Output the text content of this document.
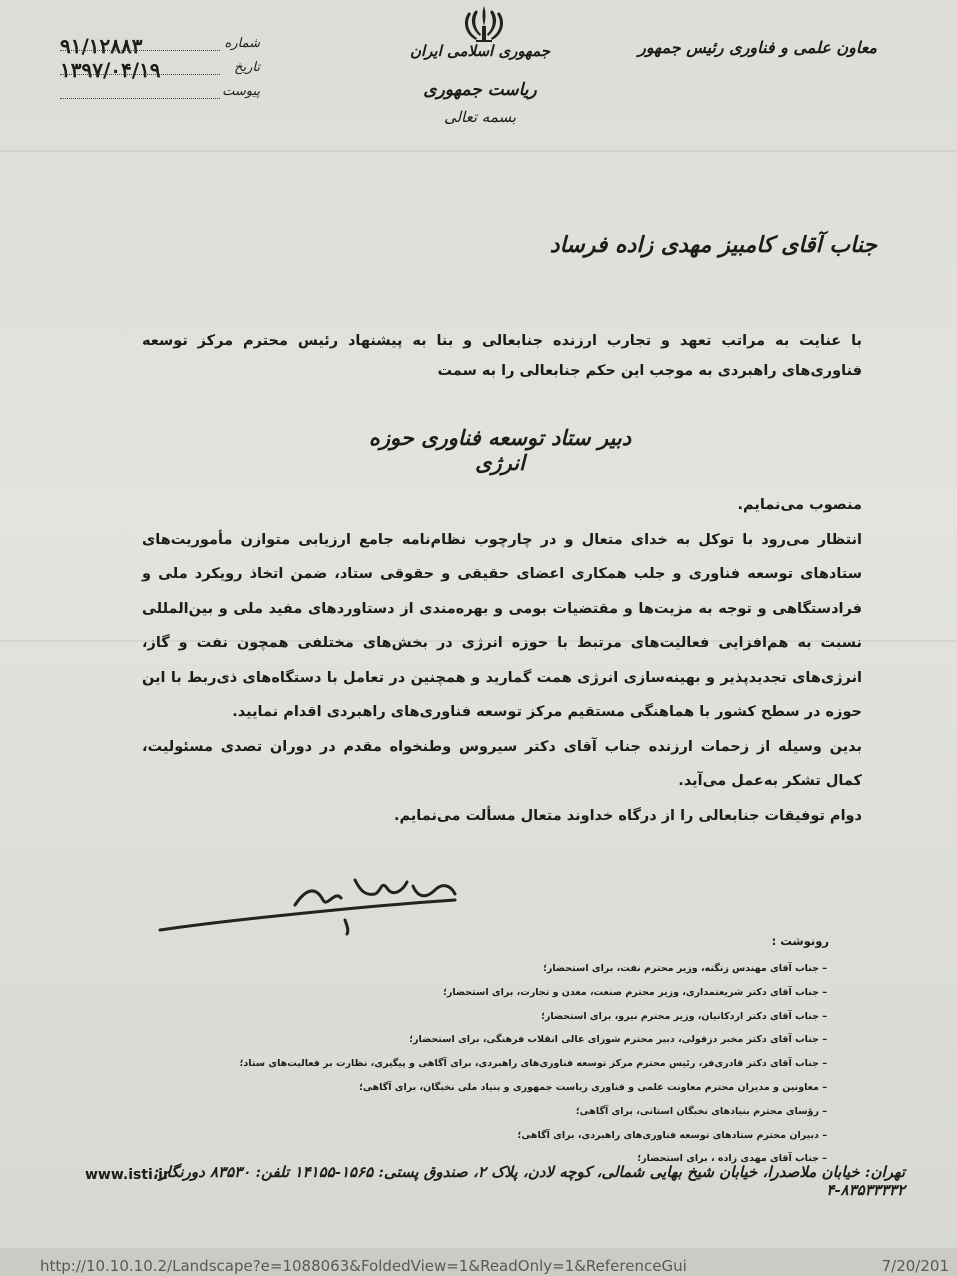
۹۱/۱۲۸۸۳	شماره
۱۳۹۷/۰۴/۱۹	تاریخ
پیوست
جمهوری اسلامی ایران
ریاست جمهوری
بسمه تعالی
معاون علمی و فناوری رئیس جمهور
جناب آقای کامبیز مهدی زاده فرساد
با عنایت به مراتب تعهد و تجارب ارزنده جنابعالی و بنا به پیشنهاد رئیس محترم مرکز توسعه فناوری‌های راهبردی به موجب این حکم جنابعالی را به سمت
دبیر ستاد توسعه فناوری حوزه انرژی

منصوب می‌نمایم.

انتظار می‌رود با توکل به خدای متعال و در چارچوب نظام‌نامه جامع ارزیابی متوازن مأموریت‌های ستادهای توسعه فناوری و جلب همکاری اعضای حقیقی و حقوقی ستاد، ضمن اتخاذ رویکرد ملی و فرادستگاهی و توجه به مزیت‌ها و مقتضیات بومی و بهره‌مندی از دستاوردهای مفید ملی و بین‌المللی نسبت به هم‌افزایی فعالیت‌های مرتبط با حوزه انرژی در بخش‌های مختلفی همچون نفت و گاز، انرژی‌های تجدیدپذیر و بهینه‌سازی انرژی همت گمارید و همچنین در تعامل با دستگاه‌های ذی‌ربط با این حوزه در سطح کشور با هماهنگی مستقیم مرکز توسعه فناوری‌های راهبردی اقدام نمایید.

بدین وسیله از زحمات ارزنده جناب آقای دکتر سیروس وطنخواه مقدم در دوران تصدی مسئولیت، کمال تشکر به‌عمل می‌آید.

دوام توفیقات جنابعالی را از درگاه خداوند متعال مسألت می‌نمایم.

رونوشت :
– جناب آقای مهندس زنگنه، وزیر محترم نفت، برای استحضار؛
– جناب آقای دکتر شریعتمداری، وزیر محترم صنعت، معدن و تجارت، برای استحضار؛
– جناب آقای دکتر اردکانیان، وزیر محترم نیرو، برای استحضار؛
– جناب آقای دکتر مخبر دزفولی، دبیر محترم شورای عالی انقلاب فرهنگی، برای استحضار؛
– جناب آقای دکتر قادری‌فر، رئیس محترم مرکز توسعه فناوری‌های راهبردی، برای آگاهی و پیگیری، نظارت بر فعالیت‌های ستاد؛
– معاونین و مدیران محترم معاونت علمی و فناوری ریاست جمهوری و بنیاد ملی نخبگان، برای آگاهی؛
– رؤسای محترم بنیادهای نخبگان استانی، برای آگاهی؛
– دبیران محترم ستادهای توسعه فناوری‌های راهبردی، برای آگاهی؛
– جناب آقای مهدی زاده ، برای استحضار؛
تهران: خیابان ملاصدرا، خیابان شیخ بهایی شمالی، کوچه لادن، پلاک ۲، صندوق پستی: ۱۵۶۵-۱۴۱۵۵ تلفن: ۸۳۵۳۰ دورنگار: ۸۳۵۳۳۳۳۲-۴
www.isti.ir
http://10.10.10.2/Landscape?e=1088063&FoldedView=1&ReadOnly=1&ReferenceGui	7/20/201
